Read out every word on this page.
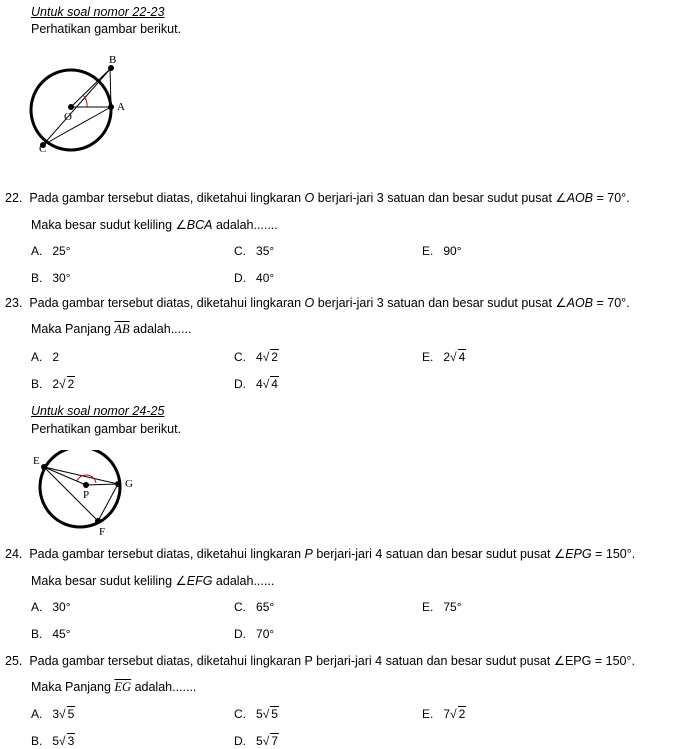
Untuk soal nomor 22-23
Perhatikan gambar berikut.
B
A
O
C
22. Pada gambar tersebut diatas, diketahui lingkaran O berjari-jari 3 satuan dan besar sudut pusat ∠AOB = 70°.
Maka besar sudut keliling ∠BCA adalah.......
A. 25°
B. 30°
C. 35°
D. 40°
E. 90°
23. Pada gambar tersebut diatas, diketahui lingkaran O berjari-jari 3 satuan dan besar sudut pusat ∠AOB = 70°.
Maka Panjang $\overline{AB}$ adalah......
A. 2
B. 2√ 2
C. 4√ 2
D. 4√ 4
E. 2√ 4
Untuk soal nomor 24-25
Perhatikan gambar berikut.
E
G
P
F
24. Pada gambar tersebut diatas, diketahui lingkaran P berjari-jari 4 satuan dan besar sudut pusat ∠EPG = 150°.
Maka besar sudut keliling ∠EFG adalah......
A. 30°
B. 45°
C. 65°
D. 70°
E. 75°
25. Pada gambar tersebut diatas, diketahui lingkaran P berjari-jari 4 satuan dan besar sudut pusat ∠EPG = 150°.
Maka Panjang $\overline{EG}$ adalah.......
A. 3√ 5
B. 5√ 3
C. 5√ 5
D. 5√ 7
E. 7√ 2
